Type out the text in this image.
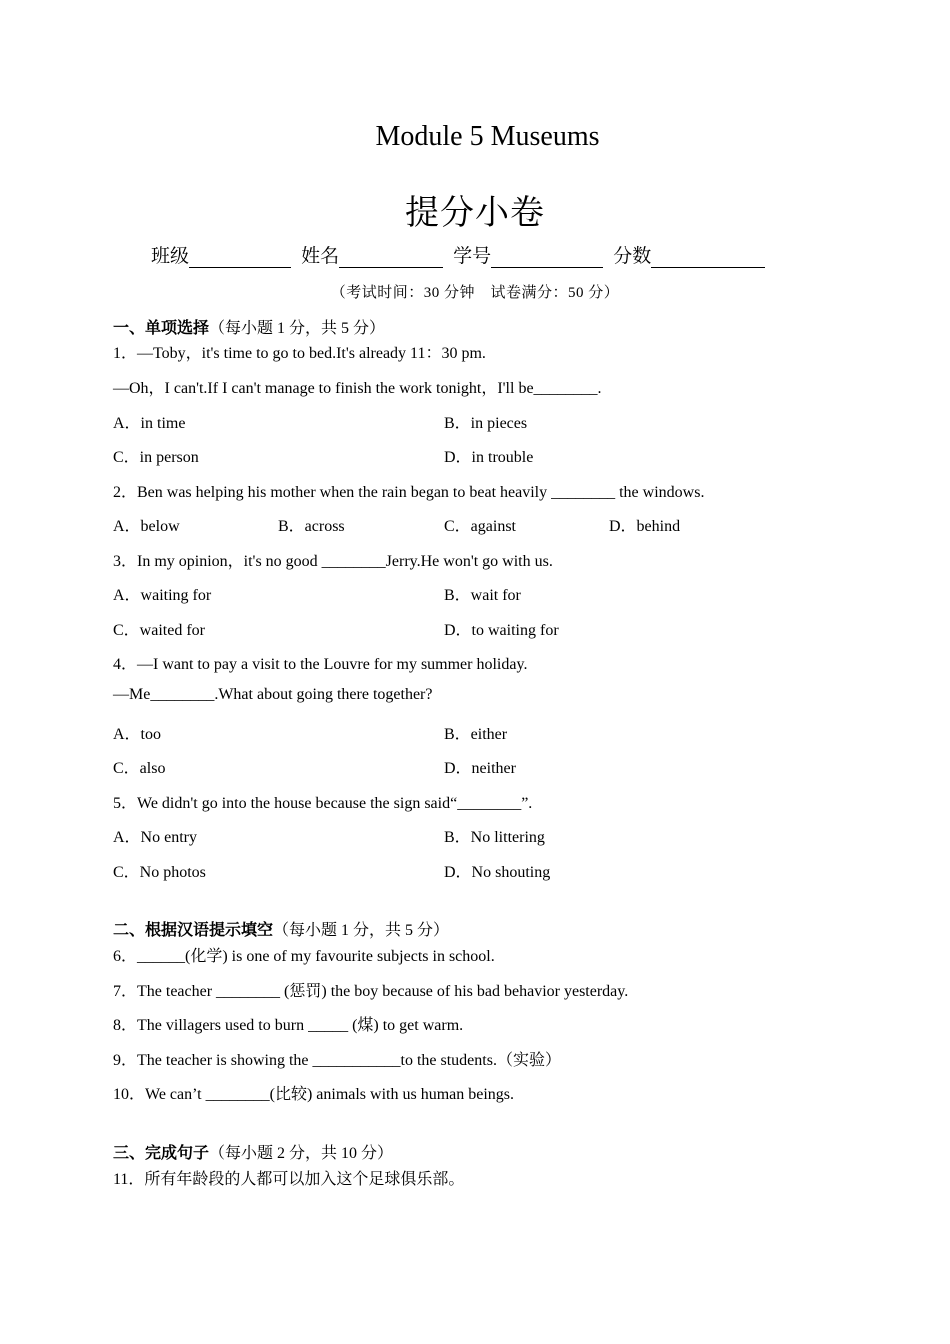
Module 5 Museums
提分小卷
班级	姓名	学号	分数
（考试时间：30 分钟　试卷满分：50 分）
一、单项选择（每小题 1 分，共 5 分）
1．—Toby，it's time to go to bed.It's already 11：30 pm.
—Oh，I can't.If I can't manage to finish the work tonight，I'll be________.
A．in time	B．in pieces
C．in person	D．in trouble
2．Ben was helping his mother when the rain began to beat heavily ________ the windows.
A．below	B．across	C．against	D．behind
3．In my opinion，it's no good ________Jerry.He won't go with us.
A．waiting for	B．wait for
C．waited for	D．to waiting for
4．—I want to pay a visit to the Louvre for my summer holiday.
—Me________.What about going there together?
A．too	B．either
C．also	D．neither
5．We didn't go into the house because the sign said“________”.
A．No entry	B．No littering
C．No photos	D．No shouting
二、根据汉语提示填空（每小题 1 分，共 5 分）
6．______(化学) is one of my favourite subjects in school.
7．The teacher ________ (惩罚) the boy because of his bad behavior yesterday.
8．The villagers used to burn _____ (煤) to get warm.
9．The teacher is showing the ___________to the students.（实验）
10．We can’t ________(比较) animals with us human beings.
三、完成句子（每小题 2 分，共 10 分）
11．所有年龄段的人都可以加入这个足球俱乐部。
